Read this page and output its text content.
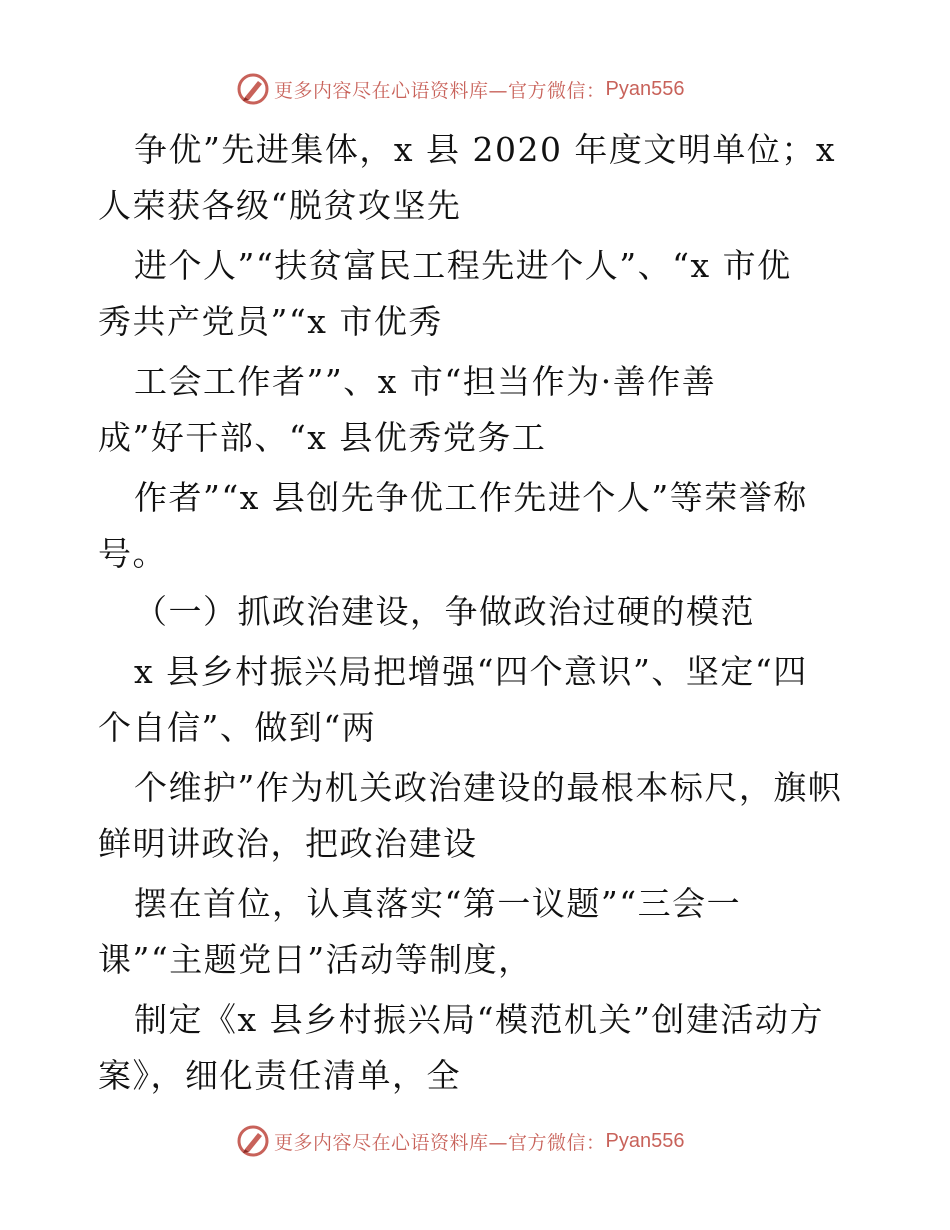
更多内容尽在心语资料库—官方微信： Pyan556

争优”先进集体，x 县 2020 年度文明单位；x

人荣获各级“脱贫攻坚先

进个人”“扶贫富民工程先进个人”、“x 市优

秀共产党员”“x 市优秀

工会工作者””、x 市“担当作为·善作善

成”好干部、“x 县优秀党务工

作者”“x 县创先争优工作先进个人”等荣誉称

号。

（一）抓政治建设，争做政治过硬的模范

x 县乡村振兴局把增强“四个意识”、坚定“四

个自信”、做到“两

个维护”作为机关政治建设的最根本标尺，旗帜

鲜明讲政治，把政治建设

摆在首位，认真落实“第一议题”“三会一

课”“主题党日”活动等制度，

制定《x 县乡村振兴局“模范机关”创建活动方

案》，细化责任清单，全

更多内容尽在心语资料库—官方微信： Pyan556
